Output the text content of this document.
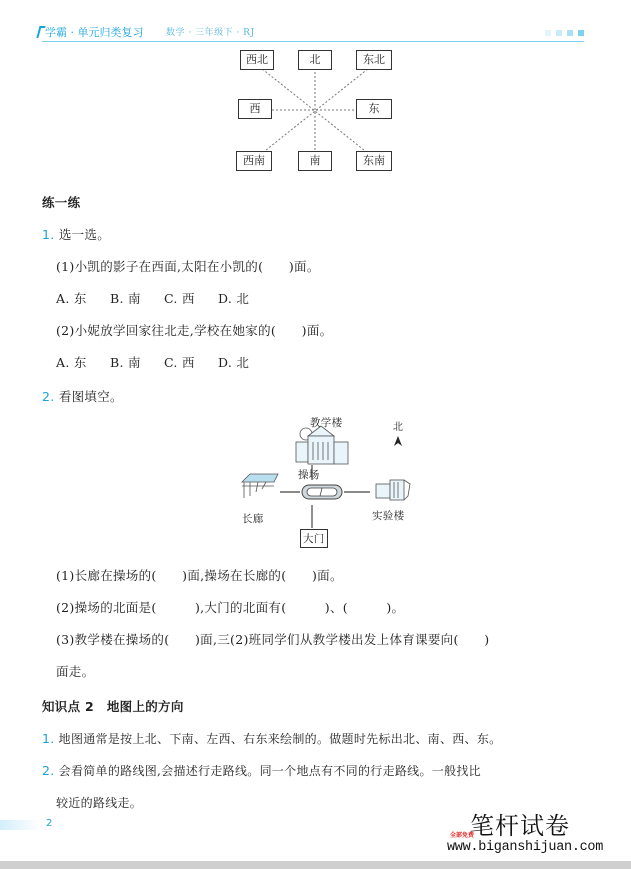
学霸 · 单元归类复习	数学 · 三年级下 · RJ
西北	北	东北
西	东
西南	南	东南
练一练
1. 选一选。
(1)小凯的影子在西面,太阳在小凯的(　　)面。
A. 东 B. 南 C. 西 D. 北
(2)小妮放学回家往北走,学校在她家的(　　)面。
A. 东 B. 南 C. 西 D. 北
2. 看图填空。
教学楼	北
操场
长廊	实验楼
大门
(1)长廊在操场的(　　)面,操场在长廊的(　　)面。
(2)操场的北面是(　　　),大门的北面有(　　　)、(　　　)。
(3)教学楼在操场的(　　)面,三(2)班同学们从教学楼出发上体育课要向(　　)
面走。
知识点 2　地图上的方向
1. 地图通常是按上北、下南、左西、右东来绘制的。做题时先标出北、南、西、东。
2. 会看简单的路线图,会描述行走路线。同一个地点有不同的行走路线。一般找比
较近的路线走。
2
全部免费
笔杆试卷
www.biganshijuan.com
